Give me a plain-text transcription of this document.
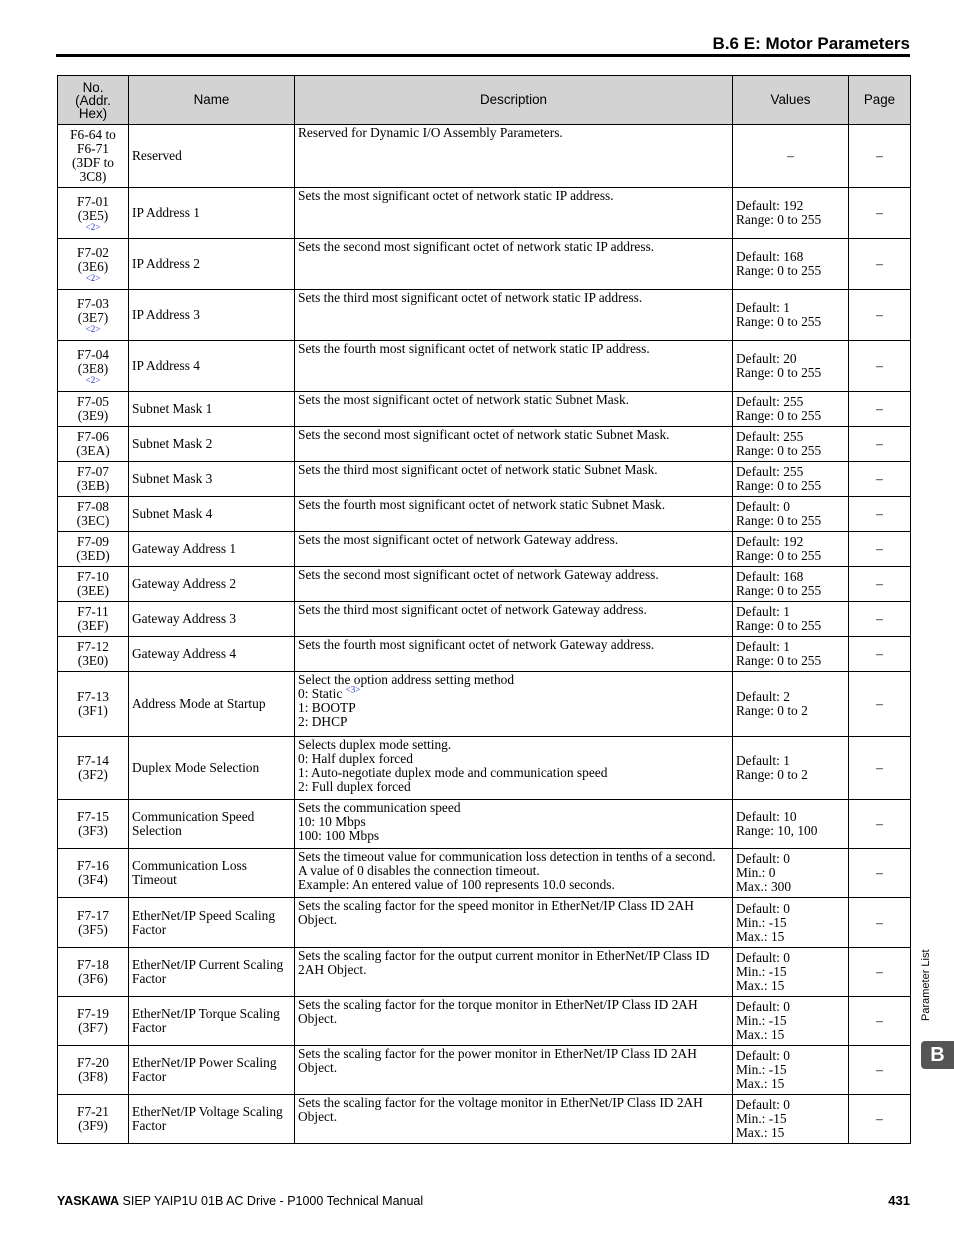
B.6 E: Motor Parameters
No.
(Addr.
Hex)	Name	Description	Values	Page

F6-64 to
F6-71
(3DF to
3C8)	Reserved	Reserved for Dynamic I/O Assembly Parameters.	–	–

F7-01
(3E5)
<2>	IP Address 1	Sets the most significant octet of network static IP address.	Default: 192
Range: 0 to 255	–

F7-02
(3E6)
<2>	IP Address 2	Sets the second most significant octet of network static IP address.	Default: 168
Range: 0 to 255	–

F7-03
(3E7)
<2>	IP Address 3	Sets the third most significant octet of network static IP address.	Default: 1
Range: 0 to 255	–

F7-04
(3E8)
<2>	IP Address 4	Sets the fourth most significant octet of network static IP address.	Default: 20
Range: 0 to 255	–

F7-05
(3E9)	Subnet Mask 1	Sets the most significant octet of network static Subnet Mask.	Default: 255
Range: 0 to 255	–

F7-06
(3EA)	Subnet Mask 2	Sets the second most significant octet of network static Subnet Mask.	Default: 255
Range: 0 to 255	–

F7-07
(3EB)	Subnet Mask 3	Sets the third most significant octet of network static Subnet Mask.	Default: 255
Range: 0 to 255	–

F7-08
(3EC)	Subnet Mask 4	Sets the fourth most significant octet of network static Subnet Mask.	Default: 0
Range: 0 to 255	–

F7-09
(3ED)	Gateway Address 1	Sets the most significant octet of network Gateway address.	Default: 192
Range: 0 to 255	–

F7-10
(3EE)	Gateway Address 2	Sets the second most significant octet of network Gateway address.	Default: 168
Range: 0 to 255	–

F7-11
(3EF)	Gateway Address 3	Sets the third most significant octet of network Gateway address.	Default: 1
Range: 0 to 255	–

F7-12
(3E0)	Gateway Address 4	Sets the fourth most significant octet of network Gateway address.	Default: 1
Range: 0 to 255	–

F7-13
(3F1)	Address Mode at Startup	Select the option address setting method
0: Static $^{<3>}$
1: BOOTP
2: DHCP	Default: 2
Range: 0 to 2	–

F7-14
(3F2)	Duplex Mode Selection	Selects duplex mode setting.
0: Half duplex forced
1: Auto-negotiate duplex mode and communication speed
2: Full duplex forced	Default: 1
Range: 0 to 2	–

F7-15
(3F3)	Communication Speed Selection	Sets the communication speed
10: 10 Mbps
100: 100 Mbps	Default: 10
Range: 10, 100	–

F7-16
(3F4)	Communication Loss Timeout	Sets the timeout value for communication loss detection in tenths of a second.
A value of 0 disables the connection timeout.
Example: An entered value of 100 represents 10.0 seconds.	Default: 0
Min.: 0
Max.: 300	–

F7-17
(3F5)	EtherNet/IP Speed Scaling Factor	Sets the scaling factor for the speed monitor in EtherNet/IP Class ID 2AH Object.	Default: 0
Min.: -15
Max.: 15	–

F7-18
(3F6)	EtherNet/IP Current Scaling Factor	Sets the scaling factor for the output current monitor in EtherNet/IP Class ID 2AH Object.	Default: 0
Min.: -15
Max.: 15	–

F7-19
(3F7)	EtherNet/IP Torque Scaling Factor	Sets the scaling factor for the torque monitor in EtherNet/IP Class ID 2AH Object.	Default: 0
Min.: -15
Max.: 15	–

F7-20
(3F8)	EtherNet/IP Power Scaling Factor	Sets the scaling factor for the power monitor in EtherNet/IP Class ID 2AH Object.	Default: 0
Min.: -15
Max.: 15	–

F7-21
(3F9)	EtherNet/IP Voltage Scaling Factor	Sets the scaling factor for the voltage monitor in EtherNet/IP Class ID 2AH Object.	Default: 0
Min.: -15
Max.: 15	–
Parameter List
B
YASKAWA SIEP YAIP1U 01B AC Drive - P1000 Technical Manual	431
